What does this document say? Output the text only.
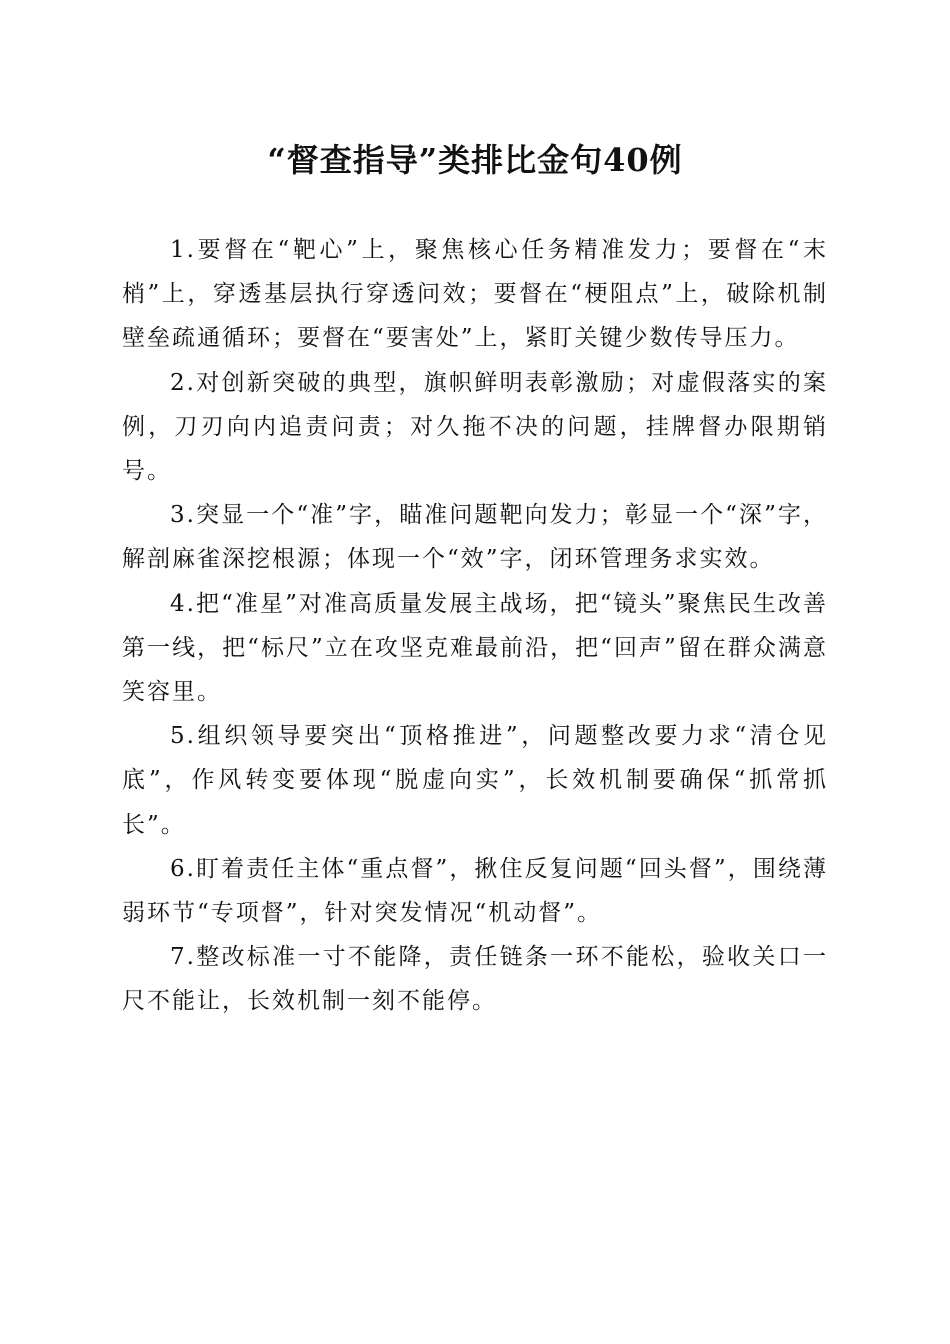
“督查指导”类排比金句40例

1.要督在“靶心”上，聚焦核心任务精准发力；要督在“末梢”上，穿透基层执行穿透问效；要督在“梗阻点”上，破除机制壁垒疏通循环；要督在“要害处”上，紧盯关键少数传导压力。

2.对创新突破的典型，旗帜鲜明表彰激励；对虚假落实的案例，刀刃向内追责问责；对久拖不决的问题，挂牌督办限期销号。

3.突显一个“准”字，瞄准问题靶向发力；彰显一个“深”字，解剖麻雀深挖根源；体现一个“效”字，闭环管理务求实效。

4.把“准星”对准高质量发展主战场，把“镜头”聚焦民生改善第一线，把“标尺”立在攻坚克难最前沿，把“回声”留在群众满意笑容里。

5.组织领导要突出“顶格推进”，问题整改要力求“清仓见底”，作风转变要体现“脱虚向实”，长效机制要确保“抓常抓长”。

6.盯着责任主体“重点督”，揪住反复问题“回头督”，围绕薄弱环节“专项督”，针对突发情况“机动督”。

7.整改标准一寸不能降，责任链条一环不能松，验收关口一尺不能让，长效机制一刻不能停。
